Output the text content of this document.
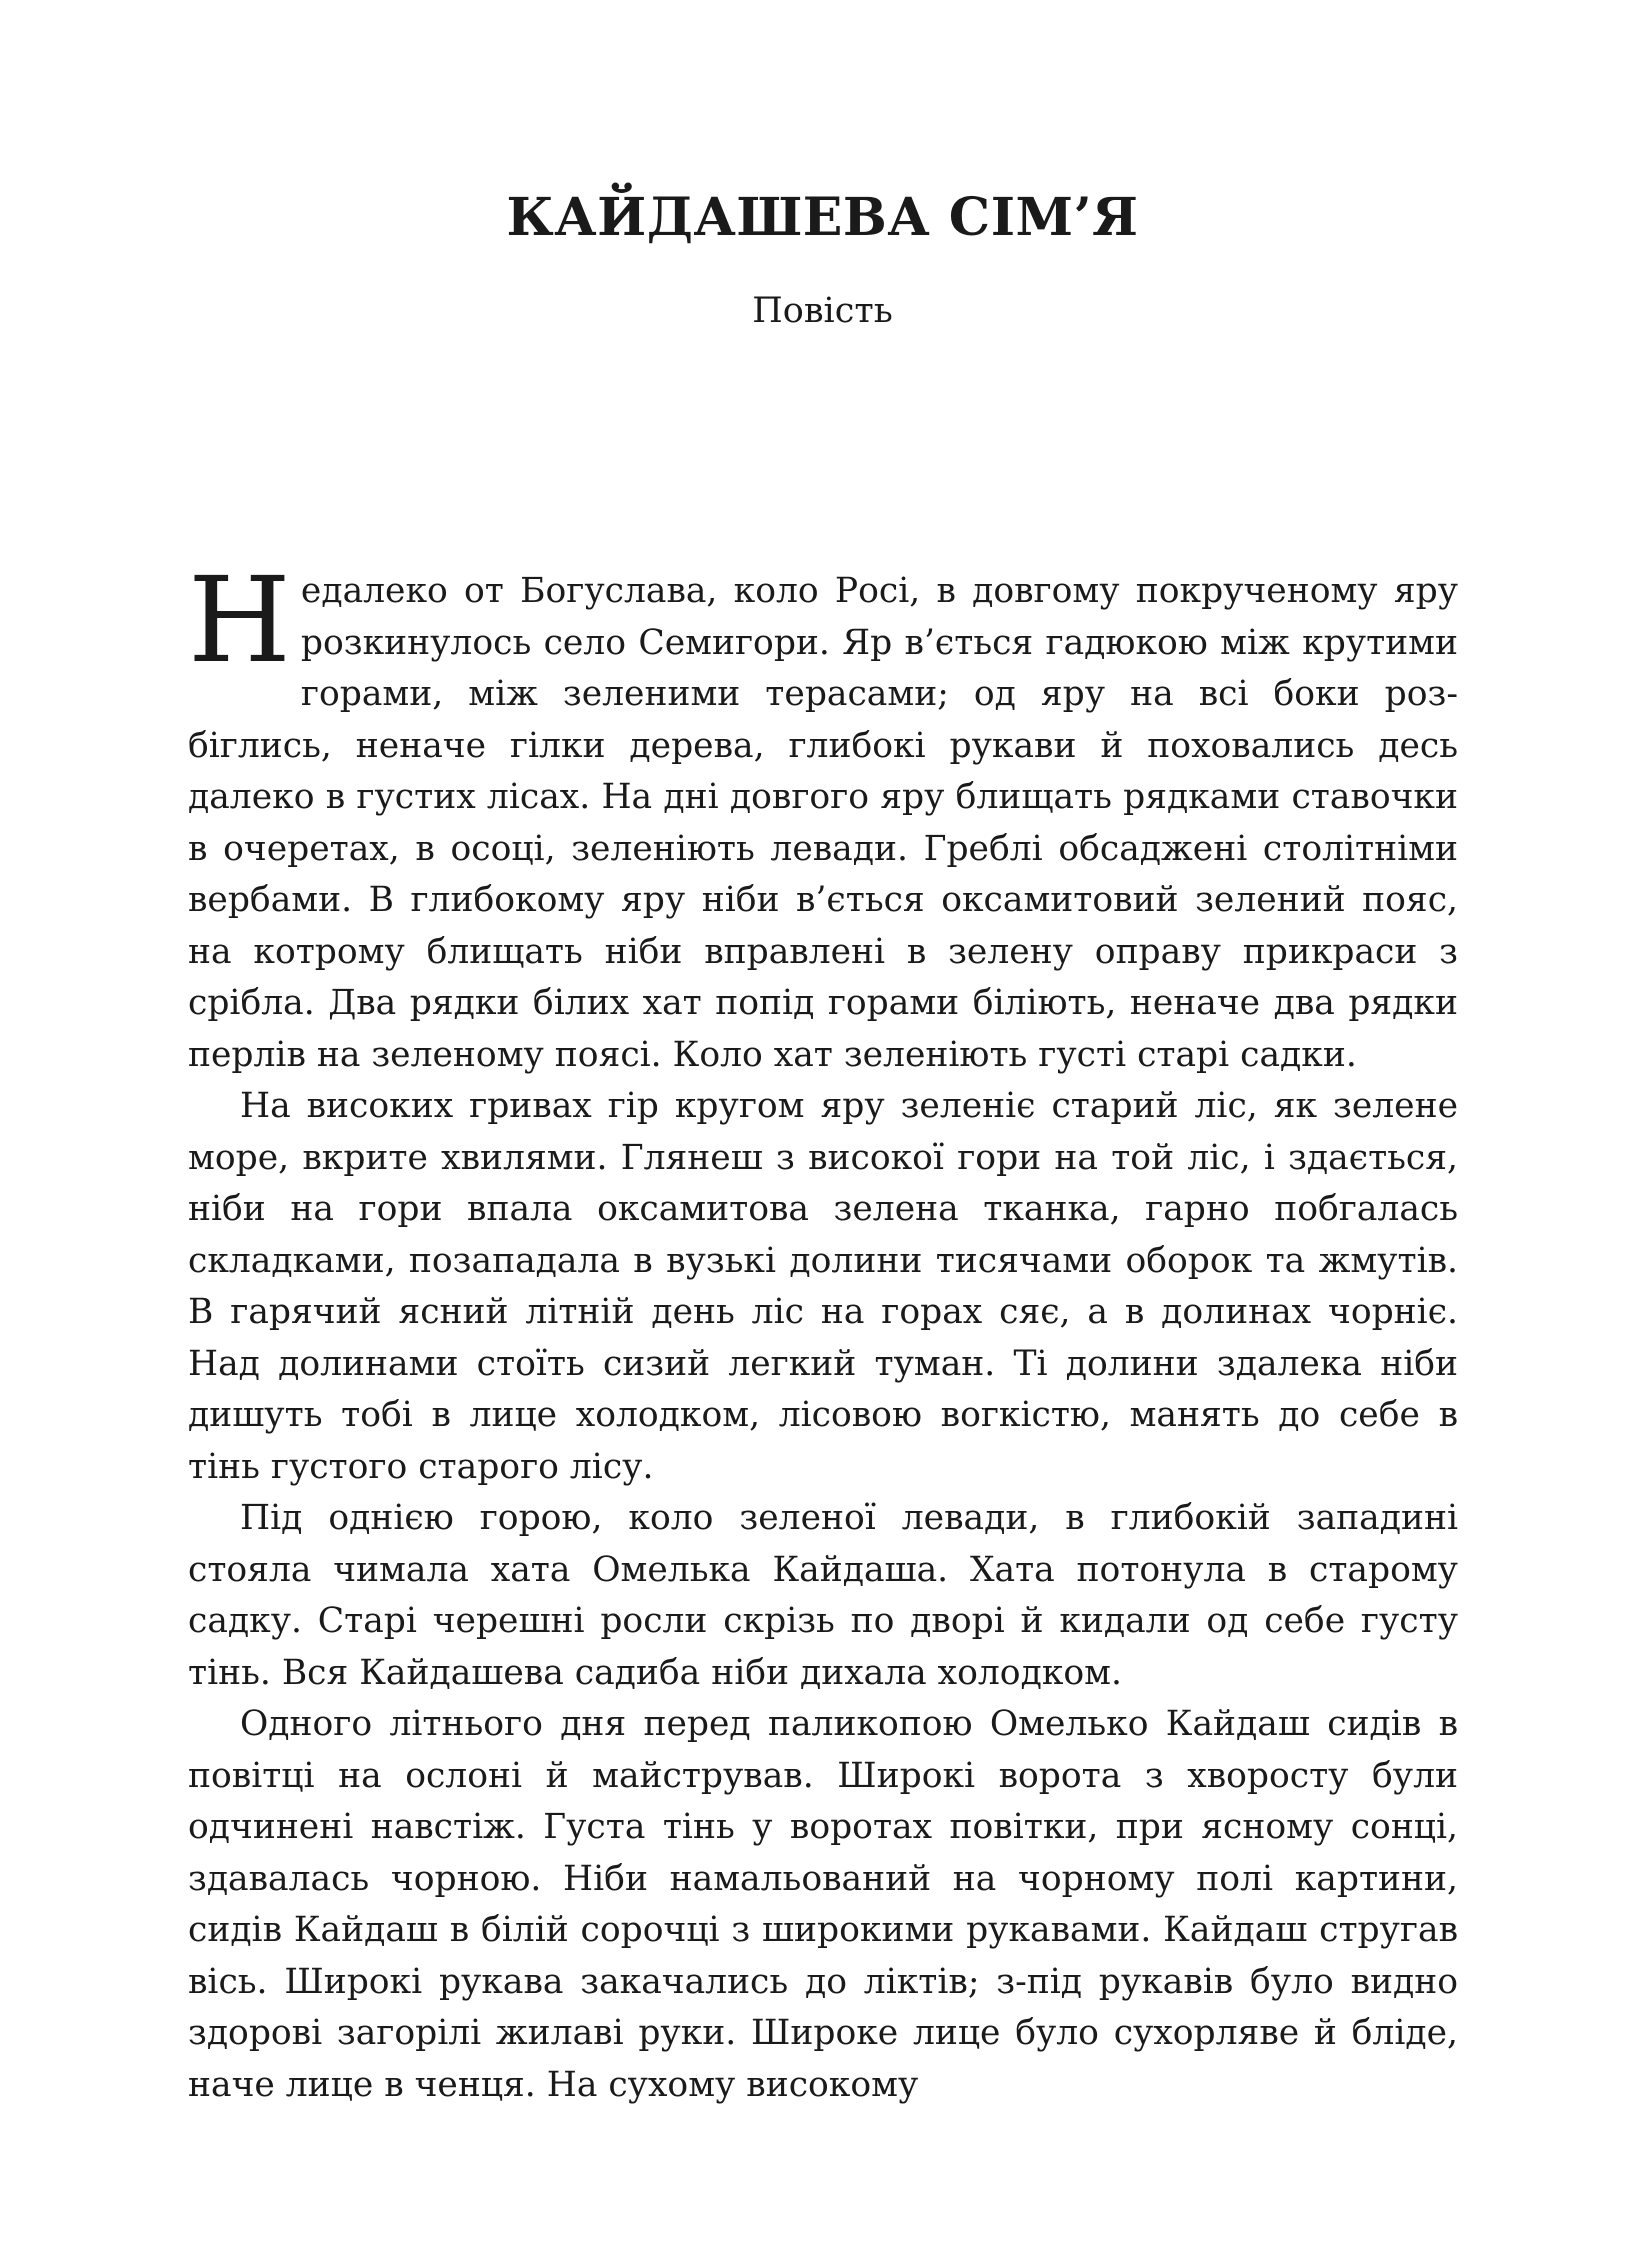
КАЙДАШЕВА СІМ’Я
Повість

Недалеко от Богуслава, коло Росі, в довгому покрученому яру розкинулось село Семигори. Яр в’ється гадюкою між крутими горами, між зеленими терасами; од яру на всі боки розбіглись, неначе гілки дерева, глибокі рукави й поховались десь далеко в густих лісах. На дні довгого яру блищать рядками ставочки в очеретах, в осоці, зеленіють левади. Греблі обсаджені столітніми вербами. В глибокому яру ніби в’ється оксамитовий зелений пояс, на котрому блищать ніби вправлені в зелену оправу прикраси з срібла. Два рядки білих хат попід горами біліють, неначе два рядки перлів на зеленому поясі. Коло хат зеленіють густі старі садки.

На високих гривах гір кругом яру зеленіє старий ліс, як зелене море, вкрите хвилями. Глянеш з високої гори на той ліс, і здається, ніби на гори впала оксамитова зелена тканка, гарно побгалась складками, позападала в вузькі долини тисячами оборок та жмутів. В гарячий ясний літній день ліс на горах сяє, а в долинах чорніє. Над долинами стоїть сизий легкий туман. Ті долини здалека ніби дишуть тобі в лице холодком, лісовою вогкістю, манять до себе в тінь густого старого лісу.

Під однією горою, коло зеленої левади, в глибокій западині стояла чимала хата Омелька Кайдаша. Хата потонула в старому садку. Старі черешні росли скрізь по дворі й кидали од себе густу тінь. Вся Кайдашева садиба ніби дихала холодком.

Одного літнього дня перед паликопою Омелько Кайдаш сидів в повітці на ослоні й майстрував. Широкі ворота з хворосту були одчинені навстіж. Густа тінь у воротах повітки, при ясному сонці, здавалась чорною. Ніби намальований на чорному полі картини, сидів Кайдаш в білій сорочці з широкими рукавами. Кайдаш стругав вісь. Широкі рукава закачались до ліктів; з-під рукавів було видно здорові загорілі жилаві руки. Широке лице було сухорляве й бліде, наче лице в ченця. На сухому високому
